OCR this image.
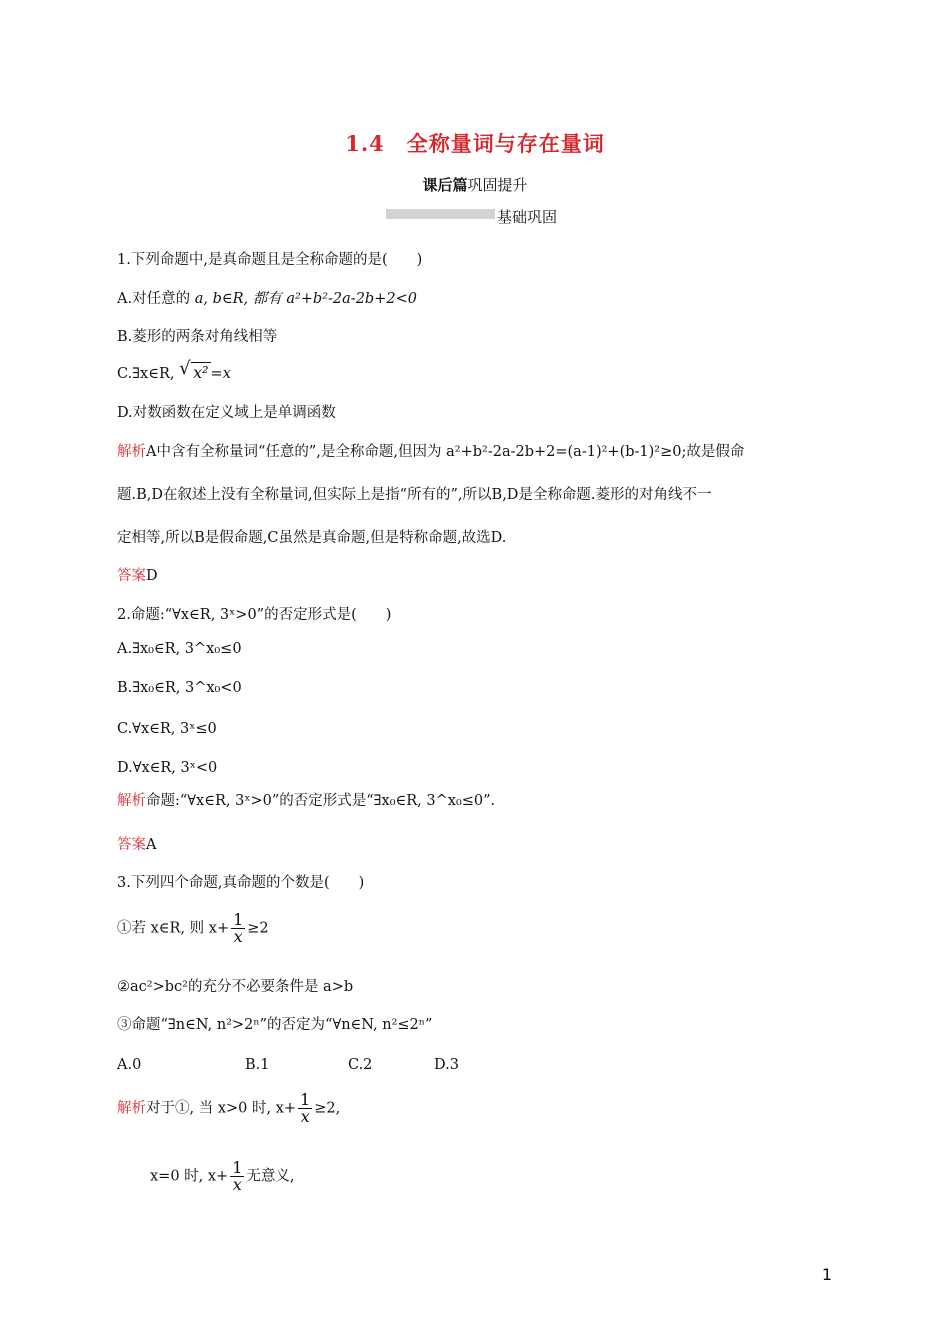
1.4　全称量词与存在量词
课后篇巩固提升
基础巩固
1.下列命题中,是真命题且是全称命题的是(　　)
A.对任意的 a, b∈R, 都有 a²+b²-2a-2b+2<0
B.菱形的两条对角线相等
C.∃x∈R, √ x² =x
D.对数函数在定义域上是单调函数
解析A中含有全称量词“任意的”,是全称命题,但因为 a²+b²-2a-2b+2=(a-1)²+(b-1)²≥0;故是假命
题.B,D在叙述上没有全称量词,但实际上是指“所有的”,所以B,D是全称命题.菱形的对角线不一
定相等,所以B是假命题,C虽然是真命题,但是特称命题,故选D.
答案D
2.命题:“∀x∈R, 3ˣ>0”的否定形式是(　　)
A.∃x₀∈R, 3^x₀≤0
B.∃x₀∈R, 3^x₀<0
C.∀x∈R, 3ˣ≤0
D.∀x∈R, 3ˣ<0
解析命题:“∀x∈R, 3ˣ>0”的否定形式是“∃x₀∈R, 3^x₀≤0”.
答案A
3.下列四个命题,真命题的个数是(　　)
①若 x∈R, 则 $x+ \frac{1}{x} \ge 2$
②ac²>bc²的充分不必要条件是 a>b
③命题“∃n∈N, n²>2ⁿ”的否定为“∀n∈N, n²≤2ⁿ”
A.0	B.1	C.2	D.3
解析对于①, 当 x>0 时, $x+ \frac{1}{x} \ge 2$,
x=0 时, $x+ \frac{1}{x}$ 无意义,
1
